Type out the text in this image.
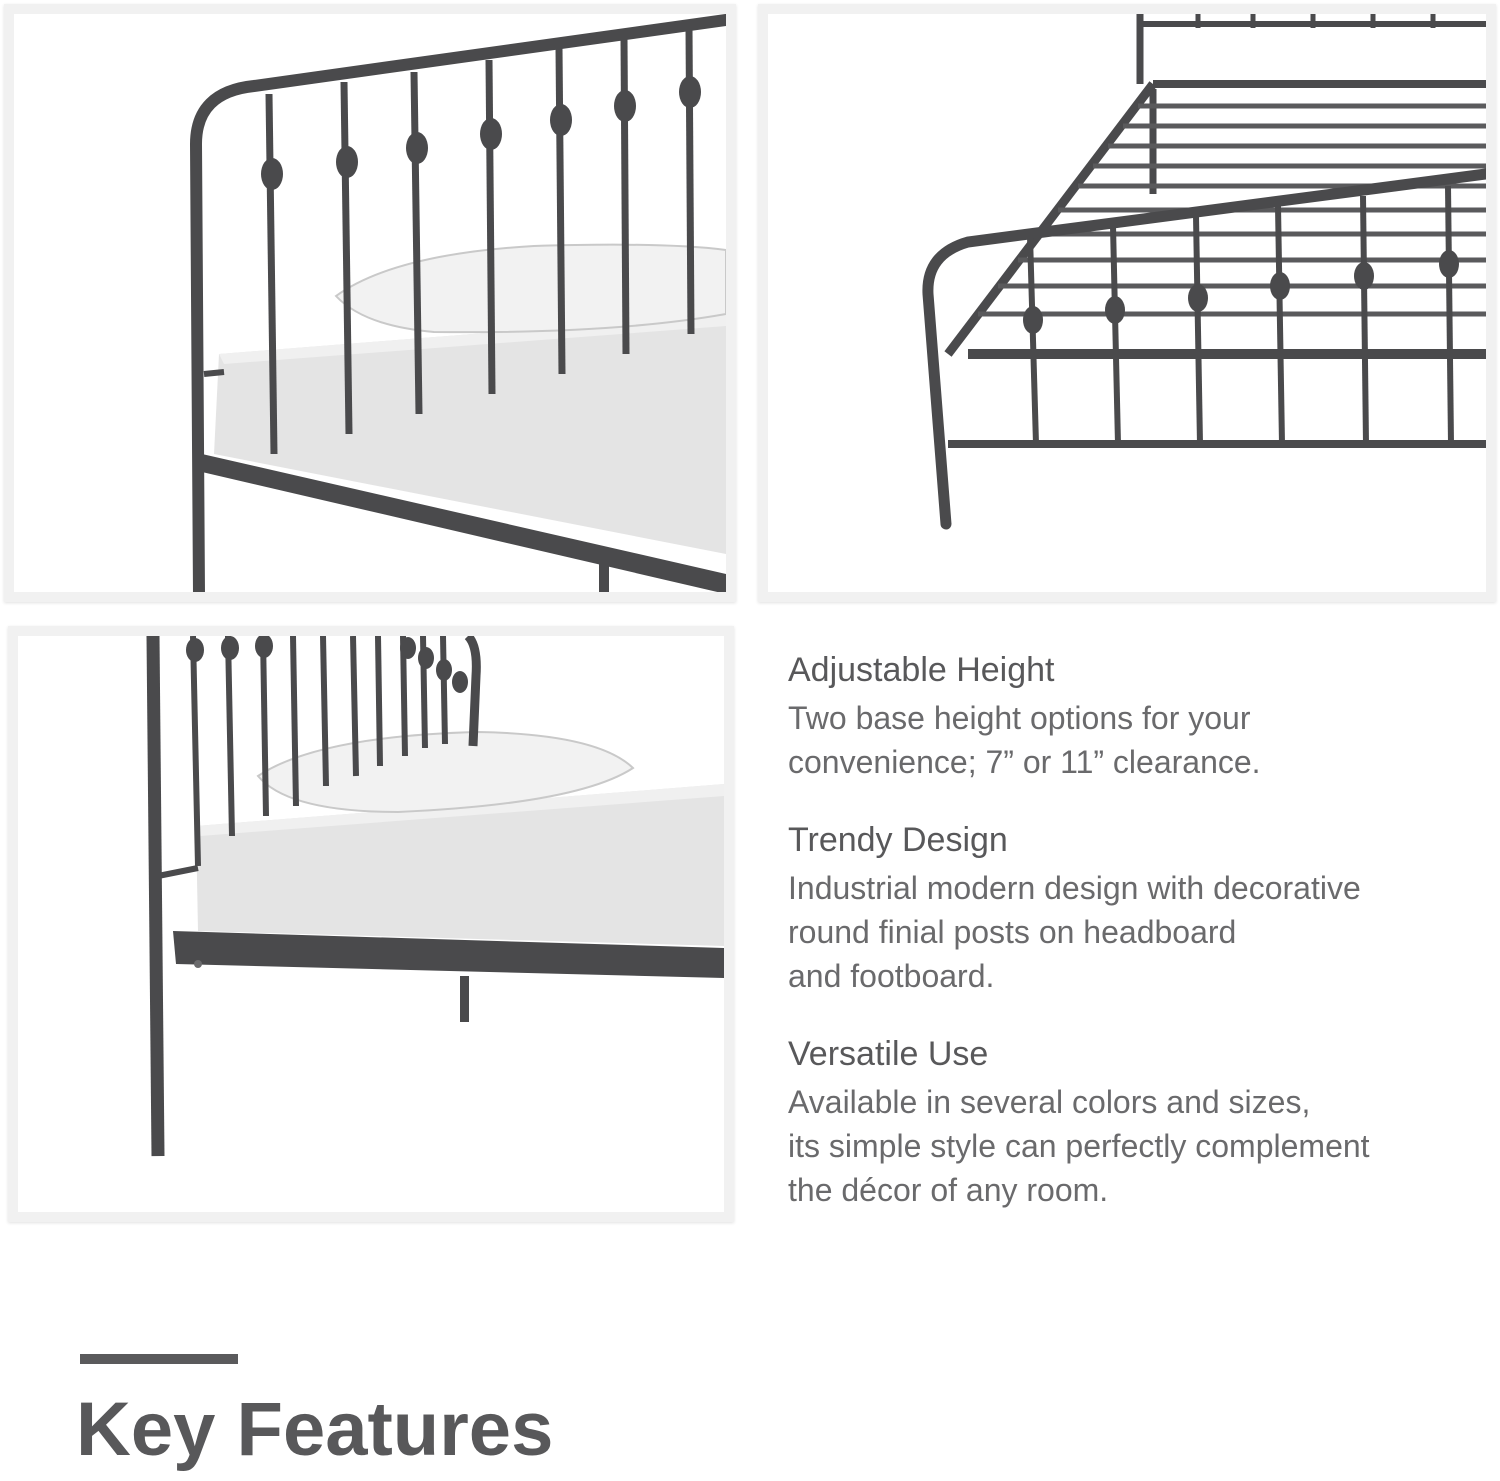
Adjustable Height

Two base height options for your
convenience; 7” or 11” clearance.

Trendy Design

Industrial modern design with decorative
round finial posts on headboard
and footboard.

Versatile Use

Available in several colors and sizes,
its simple style can perfectly complement
the décor of any room.

Key Features
